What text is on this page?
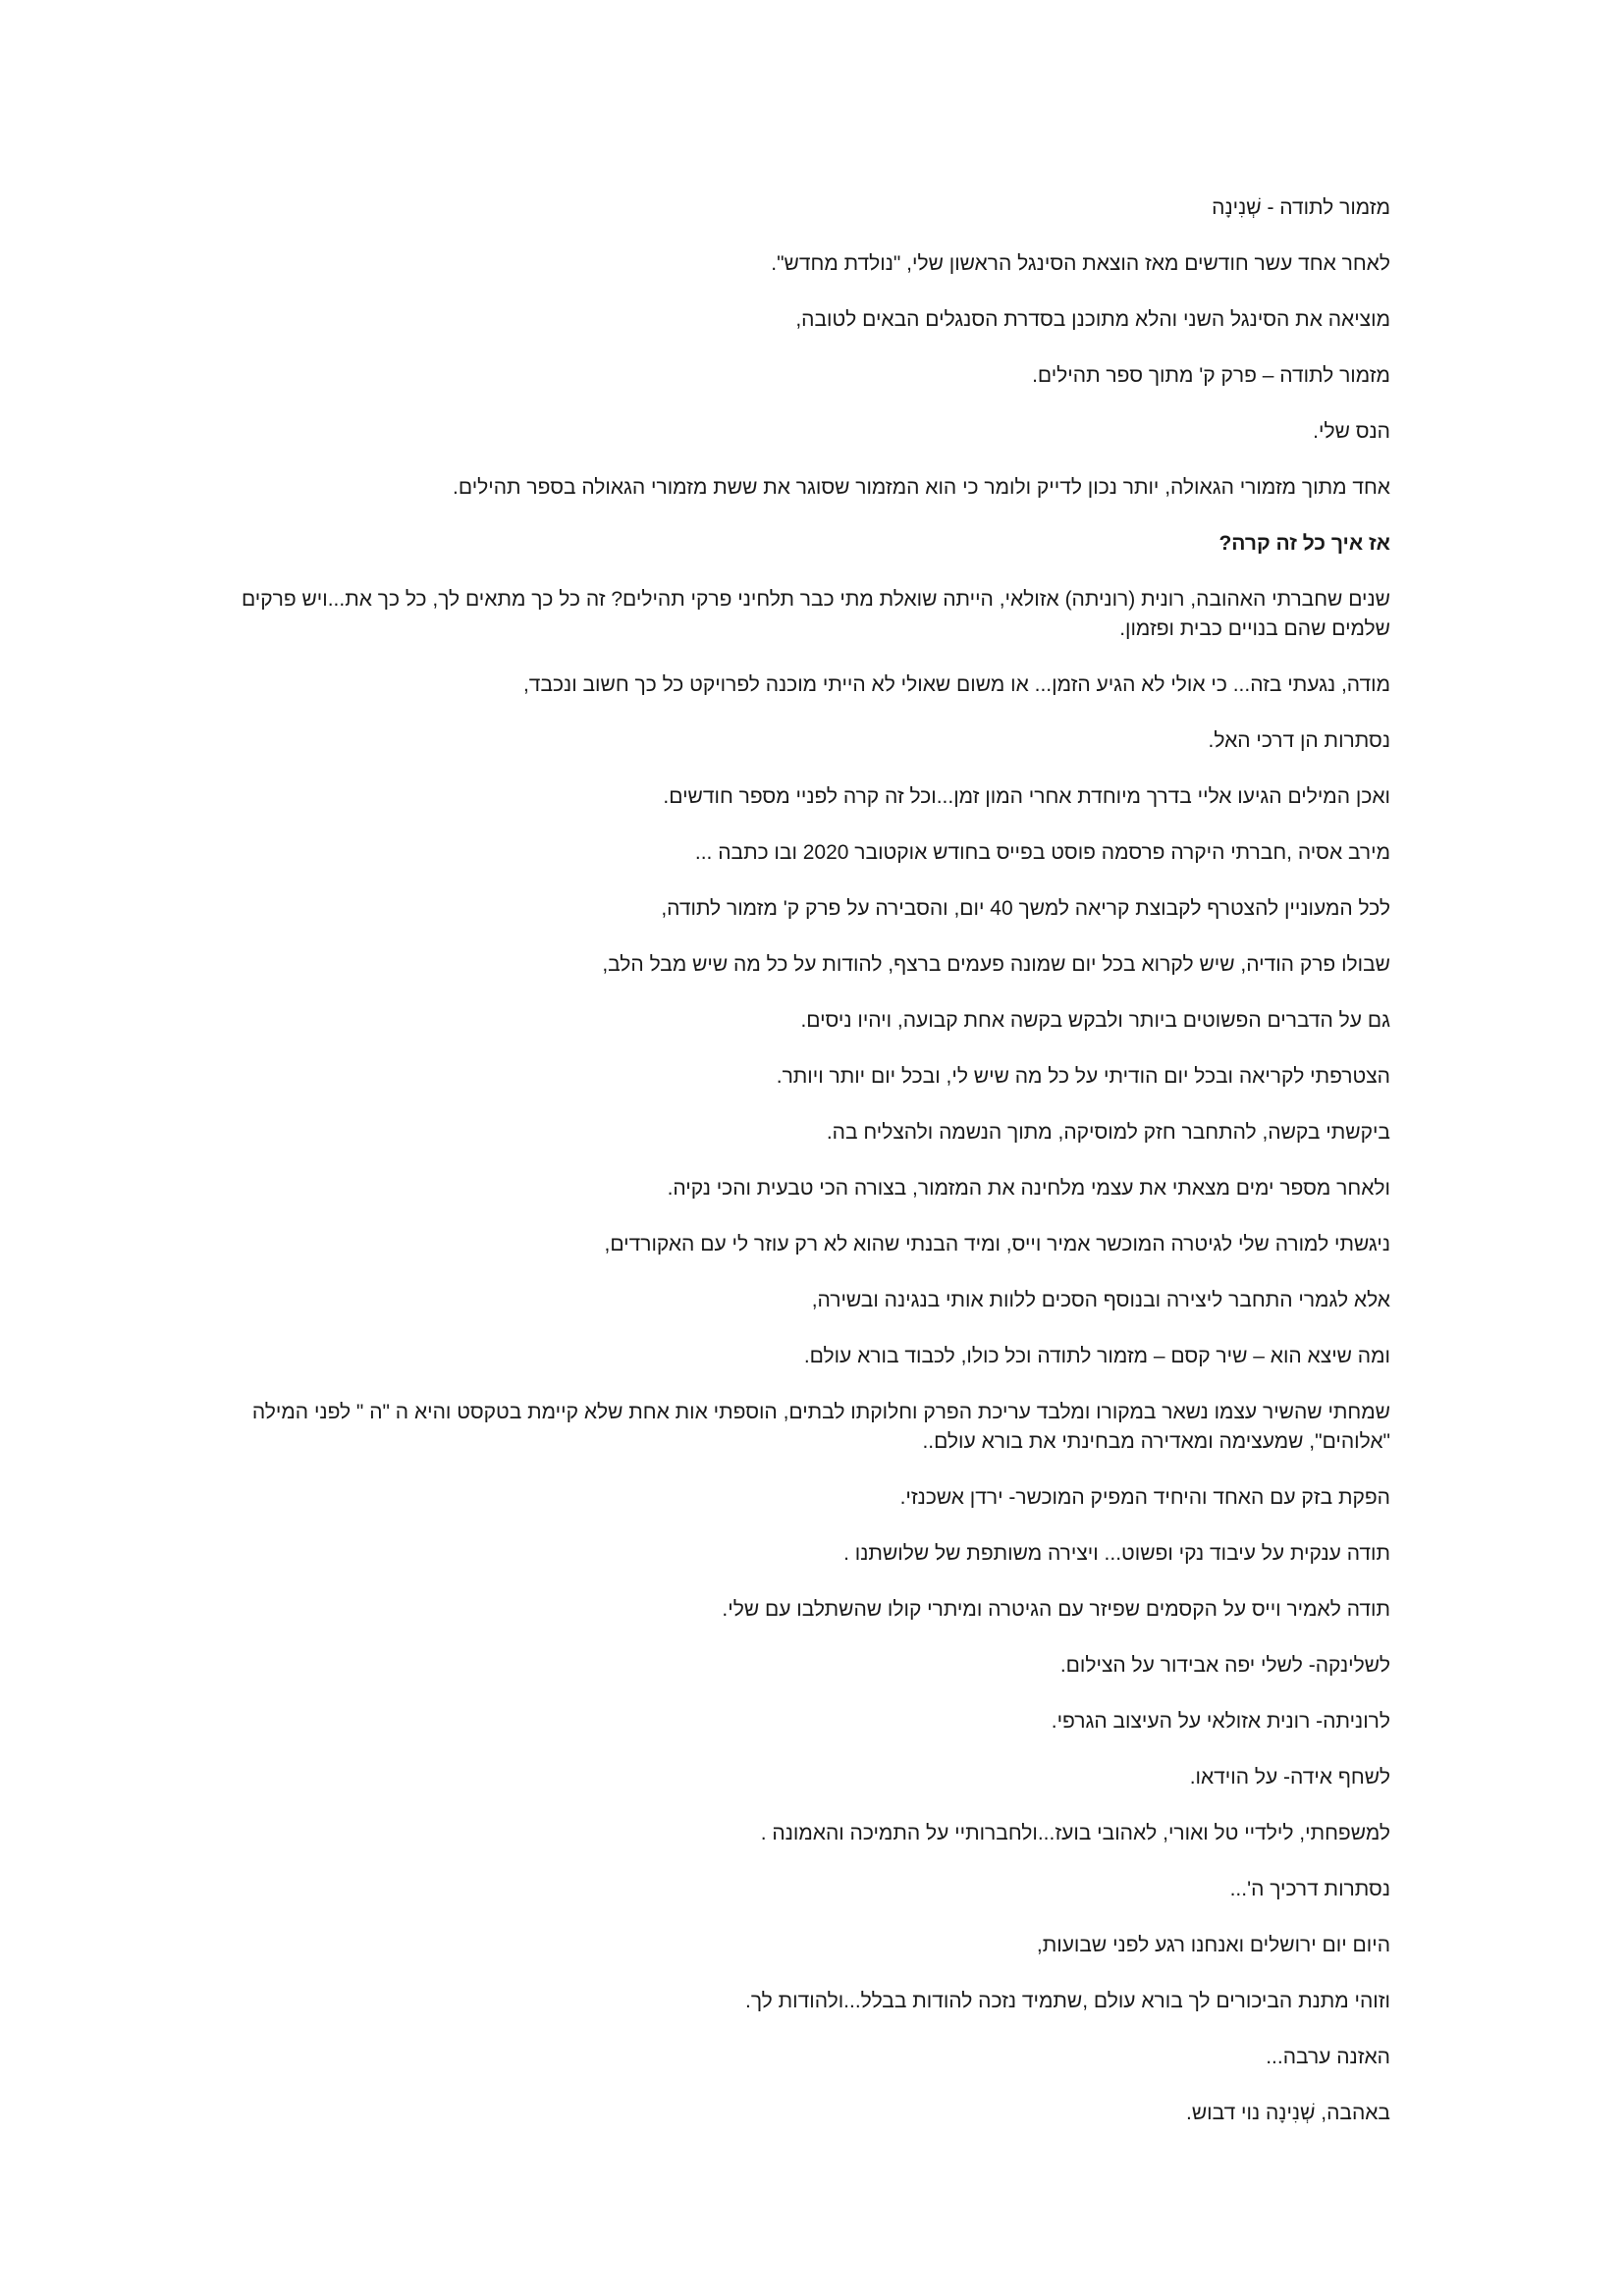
מזמור לתודה - שְׁנִינָה

לאחר אחד עשר חודשים מאז הוצאת הסינגל הראשון שלי, "נולדת מחדש".

מוציאה את הסינגל השני והלא מתוכנן בסדרת הסנגלים הבאים לטובה,

מזמור לתודה – פרק ק' מתוך ספר תהילים.

הנס שלי.

אחד מתוך מזמורי הגאולה, יותר נכון לדייק ולומר כי הוא המזמור שסוגר את ששת מזמורי הגאולה בספר תהילים.

אז איך כל זה קרה?

שנים שחברתי האהובה, רונית (רוניתה) אזולאי, הייתה שואלת מתי כבר תלחיני פרקי תהילים? זה כל כך מתאים לך, כל כך את...ויש פרקים שלמים שהם בנויים כבית ופזמון.

מודה, נגעתי בזה... כי אולי לא הגיע הזמן... או משום שאולי לא הייתי מוכנה לפרויקט כל כך חשוב ונכבד,

נסתרות הן דרכי האל.

ואכן המילים הגיעו אליי בדרך מיוחדת אחרי המון זמן...וכל זה קרה לפניי מספר חודשים.

מירב אסיה ,חברתי היקרה פרסמה פוסט בפייס בחודש אוקטובר 2020 ובו כתבה ...

לכל המעוניין להצטרף לקבוצת קריאה למשך 40 יום, והסבירה על פרק ק' מזמור לתודה,

שבולו פרק הודיה, שיש לקרוא בכל יום שמונה פעמים ברצף, להודות על כל מה שיש מבל הלב,

גם על הדברים הפשוטים ביותר ולבקש בקשה אחת קבועה, ויהיו ניסים.

הצטרפתי לקריאה ובכל יום הודיתי על כל מה שיש לי, ובכל יום יותר ויותר.

ביקשתי בקשה, להתחבר חזק למוסיקה, מתוך הנשמה ולהצליח בה.

ולאחר מספר ימים מצאתי את עצמי מלחינה את המזמור, בצורה הכי טבעית והכי נקיה.

ניגשתי למורה שלי לגיטרה המוכשר אמיר וייס, ומיד הבנתי שהוא לא רק עוזר לי עם האקורדים,

אלא לגמרי התחבר ליצירה ובנוסף הסכים ללוות אותי בנגינה ובשירה,

ומה שיצא הוא – שיר קסם – מזמור לתודה וכל כולו, לכבוד בורא עולם.

שמחתי שהשיר עצמו נשאר במקורו ומלבד עריכת הפרק וחלוקתו לבתים, הוספתי אות אחת שלא קיימת בטקסט והיא ה "ה " לפני המילה "אלוהים", שמעצימה ומאדירה מבחינתי את בורא עולם..

הפקת בזק עם האחד והיחיד המפיק המוכשר- ירדן אשכנזי.

תודה ענקית על עיבוד נקי ופשוט... ויצירה משותפת של שלושתנו .

תודה לאמיר וייס על הקסמים שפיזר עם הגיטרה ומיתרי קולו שהשתלבו עם שלי.

לשלינקה- לשלי יפה אבידור על הצילום.

לרוניתה- רונית אזולאי על העיצוב הגרפי.

לשחף אידה- על הוידאו.

למשפחתי, לילדיי טל ואורי, לאהובי בועז...ולחברותיי על התמיכה והאמונה .

נסתרות דרכיך ה'...

היום יום ירושלים ואנחנו רגע לפני שבועות,

וזוהי מתנת הביכורים לך בורא עולם ,שתמיד נזכה להודות בבלל...ולהודות לך.

האזנה ערבה...

באהבה, שְׁנִינָה נוי דבוש.
